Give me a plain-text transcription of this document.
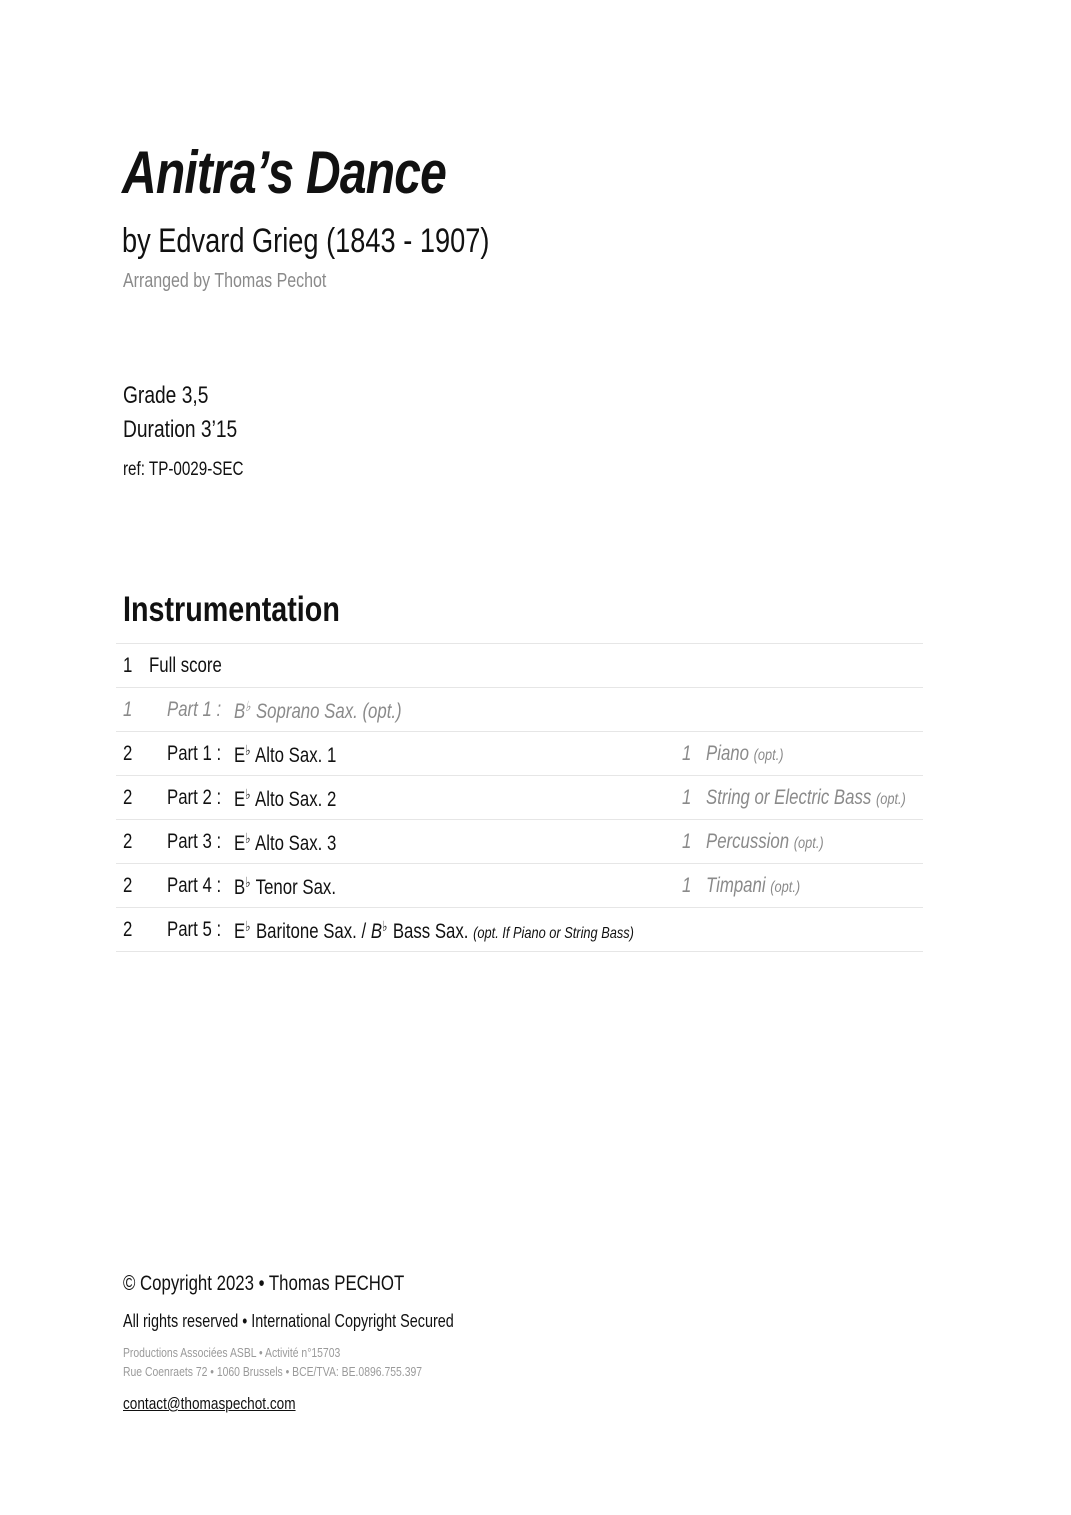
Anitra’s Dance
by Edvard Grieg (1843 - 1907)
Arranged by Thomas Pechot
Grade 3,5
Duration 3’15
ref: TP-0029-SEC
Instrumentation
1 Full score
1 Part 1 : B♭ Soprano Sax. (opt.)
2 Part 1 : E♭ Alto Sax. 1	1 Piano (opt.)
2 Part 2 : E♭ Alto Sax. 2	1 String or Electric Bass (opt.)
2 Part 3 : E♭ Alto Sax. 3	1 Percussion (opt.)
2 Part 4 : B♭ Tenor Sax.	1 Timpani (opt.)
2 Part 5 : E♭ Baritone Sax. / B♭ Bass Sax. (opt. If Piano or String Bass)
© Copyright 2023 • Thomas PECHOT
All rights reserved • International Copyright Secured
Productions Associées ASBL • Activité n°15703
Rue Coenraets 72 • 1060 Brussels • BCE/TVA: BE.0896.755.397
contact@thomaspechot.com
